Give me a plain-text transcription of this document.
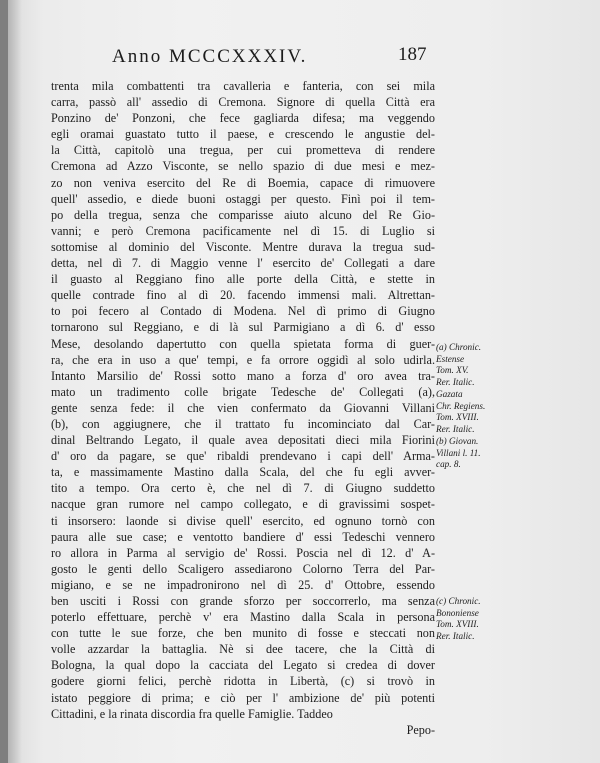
Anno MCCCXXXIV.	187
trenta mila combattenti tra cavalleria e fanteria, con sei mila
carra, passò all' assedio di Cremona. Signore di quella Città era
Ponzino de' Ponzoni, che fece gagliarda difesa; ma veggendo
egli oramai guastato tutto il paese, e crescendo le angustie del-
la Città, capitolò una tregua, per cui prometteva di rendere
Cremona ad Azzo Visconte, se nello spazio di due mesi e mez-
zo non veniva esercito del Re di Boemia, capace di rimuovere
quell' assedio, e diede buoni ostaggi per questo. Finì poi il tem-
po della tregua, senza che comparisse aiuto alcuno del Re Gio-
vanni; e però Cremona pacificamente nel dì 15. di Luglio si
sottomise al dominio del Visconte. Mentre durava la tregua sud-
detta, nel dì 7. di Maggio venne l' esercito de' Collegati a dare
il guasto al Reggiano fino alle porte della Città, e stette in
quelle contrade fino al dì 20. facendo immensi mali. Altrettan-
to poi fecero al Contado di Modena. Nel dì primo di Giugno
tornarono sul Reggiano, e di là sul Parmigiano a dì 6. d' esso
Mese, desolando dapertutto con quella spietata forma di guer-
ra, che era in uso a que' tempi, e fa orrore oggidì al solo udirla.
Intanto Marsilio de' Rossi sotto mano a forza d' oro avea tra-
mato un tradimento colle brigate Tedesche de' Collegati (a),
gente senza fede: il che vien confermato da Giovanni Villani
(b), con aggiugnere, che il trattato fu incominciato dal Car-
dinal Beltrando Legato, il quale avea depositati dieci mila Fiorini
d' oro da pagare, se que' ribaldi prendevano i capi dell' Arma-
ta, e massimamente Mastino dalla Scala, del che fu egli avver-
tito a tempo. Ora certo è, che nel dì 7. di Giugno suddetto
nacque gran rumore nel campo collegato, e di gravissimi sospet-
ti insorsero: laonde si divise quell' esercito, ed ognuno tornò con
paura alle sue case; e ventotto bandiere d' essi Tedeschi vennero
ro allora in Parma al servigio de' Rossi. Poscia nel dì 12. d' A-
gosto le genti dello Scaligero assediarono Colorno Terra del Par-
migiano, e se ne impadronirono nel dì 25. d' Ottobre, essendo
ben usciti i Rossi con grande sforzo per soccorrerlo, ma senza
poterlo effettuare, perchè v' era Mastino dalla Scala in persona
con tutte le sue forze, che ben munito di fosse e steccati non
volle azzardar la battaglia. Nè si dee tacere, che la Città di
Bologna, la qual dopo la cacciata del Legato si credea di dover
godere giorni felici, perchè ridotta in Libertà, (c) si trovò in
istato peggiore di prima; e ciò per l' ambizione de' più potenti
Cittadini, e la rinata discordia fra quelle Famiglie. Taddeo
Pepo-
(a) Chronic.
Estense
Tom. XV.
Rer. Italic.
Gazata
Chr. Regiens.
Tom. XVIII.
Rer. Italic.
(b) Giovan.
Villani l. 11.
cap. 8.
(c) Chronic.
Bononiense
Tom. XVIII.
Rer. Italic.
